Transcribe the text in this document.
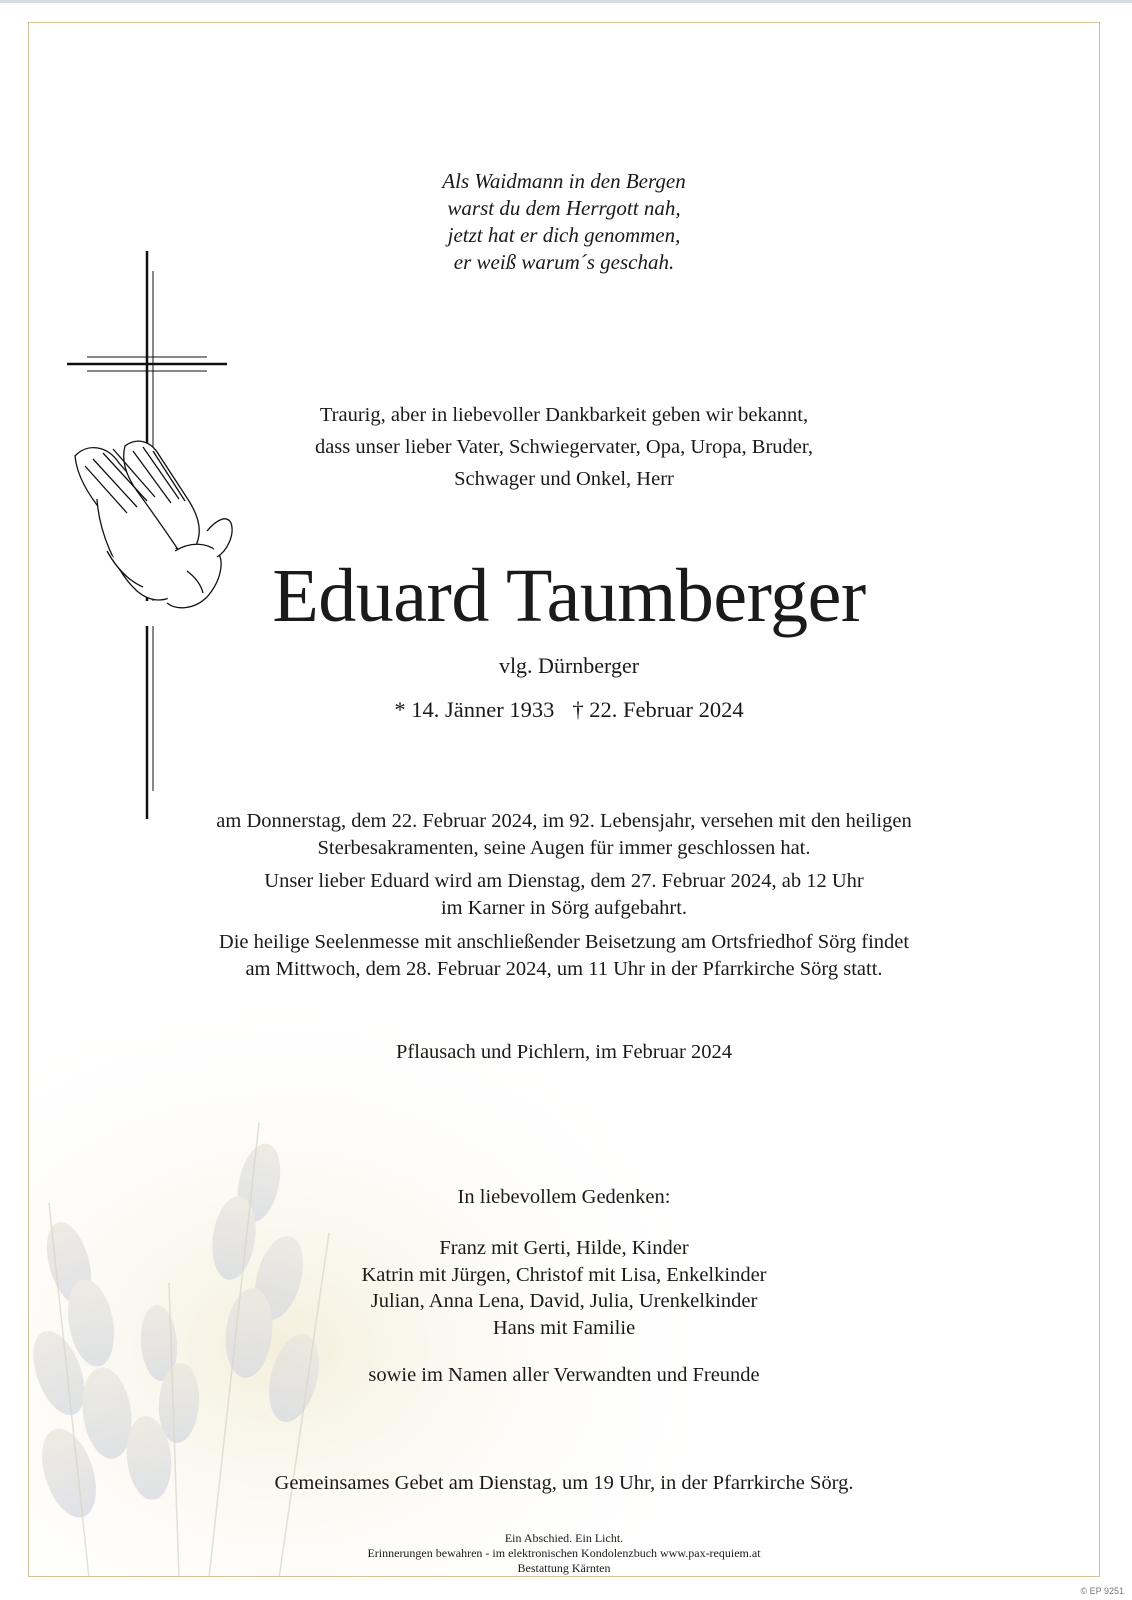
Als Waidmann in den Bergen
warst du dem Herrgott nah,
jetzt hat er dich genommen,
er weiß warum´s geschah.
Traurig, aber in liebevoller Dankbarkeit geben wir bekannt,
dass unser lieber Vater, Schwiegervater, Opa, Uropa, Bruder,
Schwager und Onkel, Herr
Eduard Taumberger
vlg. Dürnberger
* 14. Jänner 1933 † 22. Februar 2024
am Donnerstag, dem 22. Februar 2024, im 92. Lebensjahr, versehen mit den heiligen
Sterbesakramenten, seine Augen für immer geschlossen hat.
Unser lieber Eduard wird am Dienstag, dem 27. Februar 2024, ab 12 Uhr
im Karner in Sörg aufgebahrt.
Die heilige Seelenmesse mit anschließender Beisetzung am Ortsfriedhof Sörg findet
am Mittwoch, dem 28. Februar 2024, um 11 Uhr in der Pfarrkirche Sörg statt.
Pflausach und Pichlern, im Februar 2024
In liebevollem Gedenken:
Franz mit Gerti, Hilde, Kinder
Katrin mit Jürgen, Christof mit Lisa, Enkelkinder
Julian, Anna Lena, David, Julia, Urenkelkinder
Hans mit Familie
sowie im Namen aller Verwandten und Freunde
Gemeinsames Gebet am Dienstag, um 19 Uhr, in der Pfarrkirche Sörg.
Ein Abschied. Ein Licht.
Erinnerungen bewahren - im elektronischen Kondolenzbuch www.pax-requiem.at
Bestattung Kärnten
© EP 9251
